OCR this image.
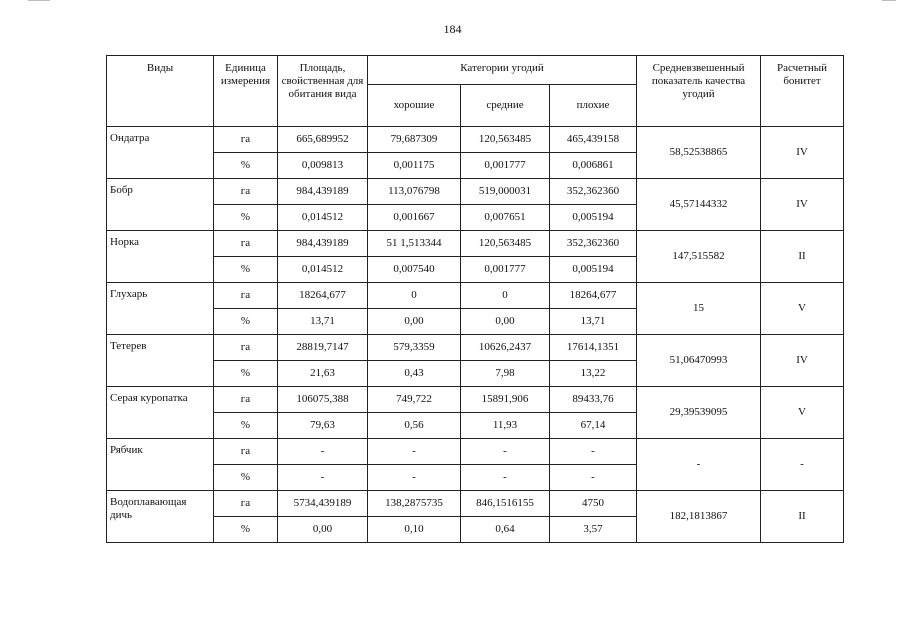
184
Виды	Единица измерения	Площадь, свойственная для обитания вида	Категории угодий			Средневзвешенный показатель качества угодий	Расчетный бонитет
			хорошие	средние	плохие		
Ондатра	га	665,689952	79,687309	120,563485	465,439158	58,52538865	IV
	%	0,009813	0,001175	0,001777	0,006861		
Бобр	га	984,439189	113,076798	519,000031	352,362360	45,57144332	IV
	%	0,014512	0,001667	0,007651	0,005194		
Норка	га	984,439189	51 1,513344	120,563485	352,362360	147,515582	II
	%	0,014512	0,007540	0,001777	0,005194		
Глухарь	га	18264,677	0	0	18264,677	15	V
	%	13,71	0,00	0,00	13,71		
Тетерев	га	28819,7147	579,3359	10626,2437	17614,1351	51,06470993	IV
	%	21,63	0,43	7,98	13,22		
Серая куропатка	га	106075,388	749,722	15891,906	89433,76	29,39539095	V
	%	79,63	0,56	11,93	67,14		
Рябчик	га	-	-	-	-	-	-
	%	-	-	-	-		
Водоплавающая дичь	га	5734,439189	138,2875735	846,1516155	4750	182,1813867	II
	%	0,00	0,10	0,64	3,57		
